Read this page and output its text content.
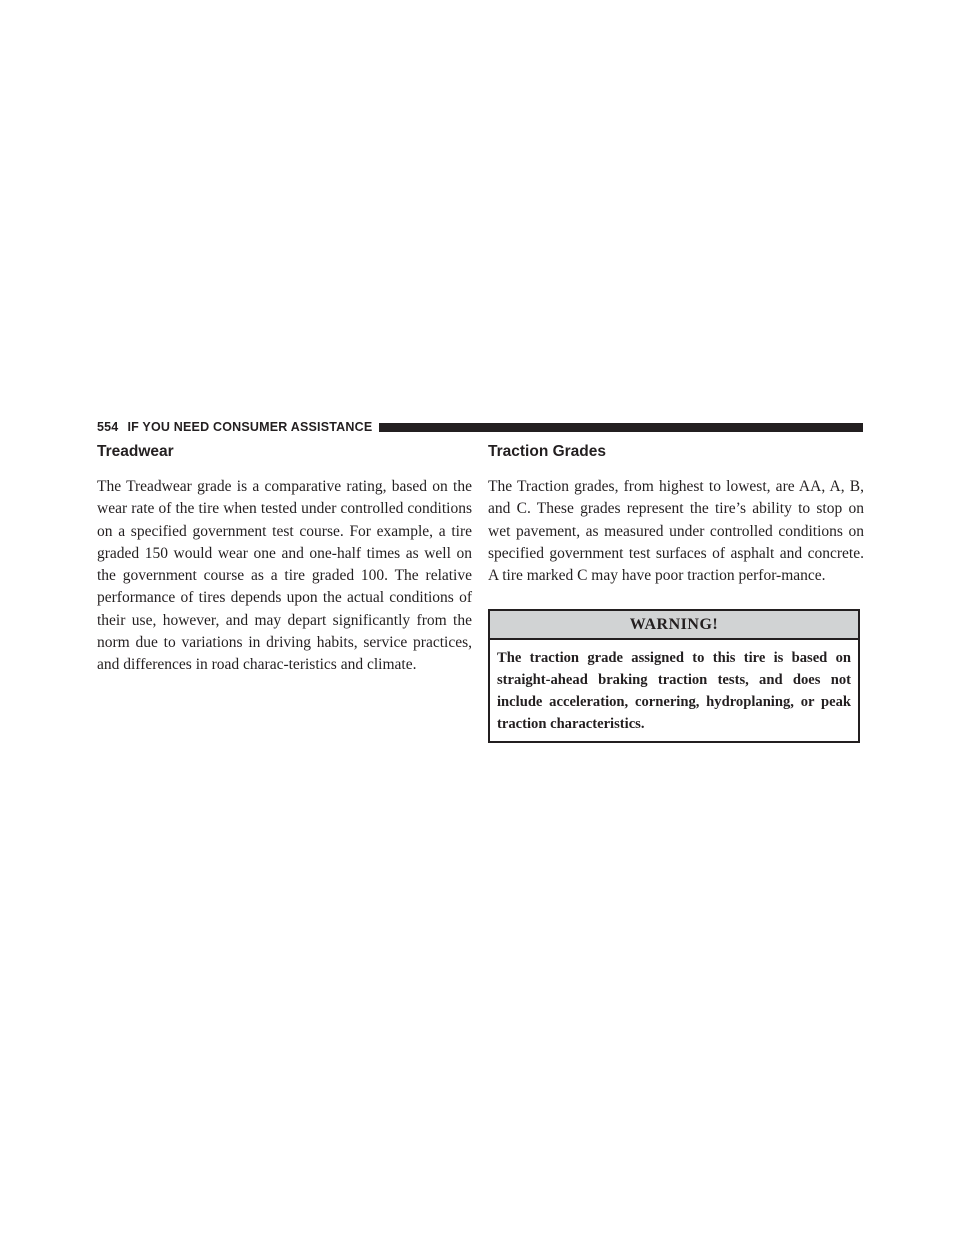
554 IF YOU NEED CONSUMER ASSISTANCE
Treadwear

The Treadwear grade is a comparative rating, based on the wear rate of the tire when tested under controlled conditions on a specified government test course. For example, a tire graded 150 would wear one and one-half times as well on the government course as a tire graded 100. The relative performance of tires depends upon the actual conditions of their use, however, and may depart significantly from the norm due to variations in driving habits, service practices, and differences in road charac-teristics and climate.

Traction Grades

The Traction grades, from highest to lowest, are AA, A, B, and C. These grades represent the tire’s ability to stop on wet pavement, as measured under controlled conditions on specified government test surfaces of asphalt and concrete. A tire marked C may have poor traction perfor-mance.

WARNING!

The traction grade assigned to this tire is based on straight-ahead braking traction tests, and does not include acceleration, cornering, hydroplaning, or peak traction characteristics.
